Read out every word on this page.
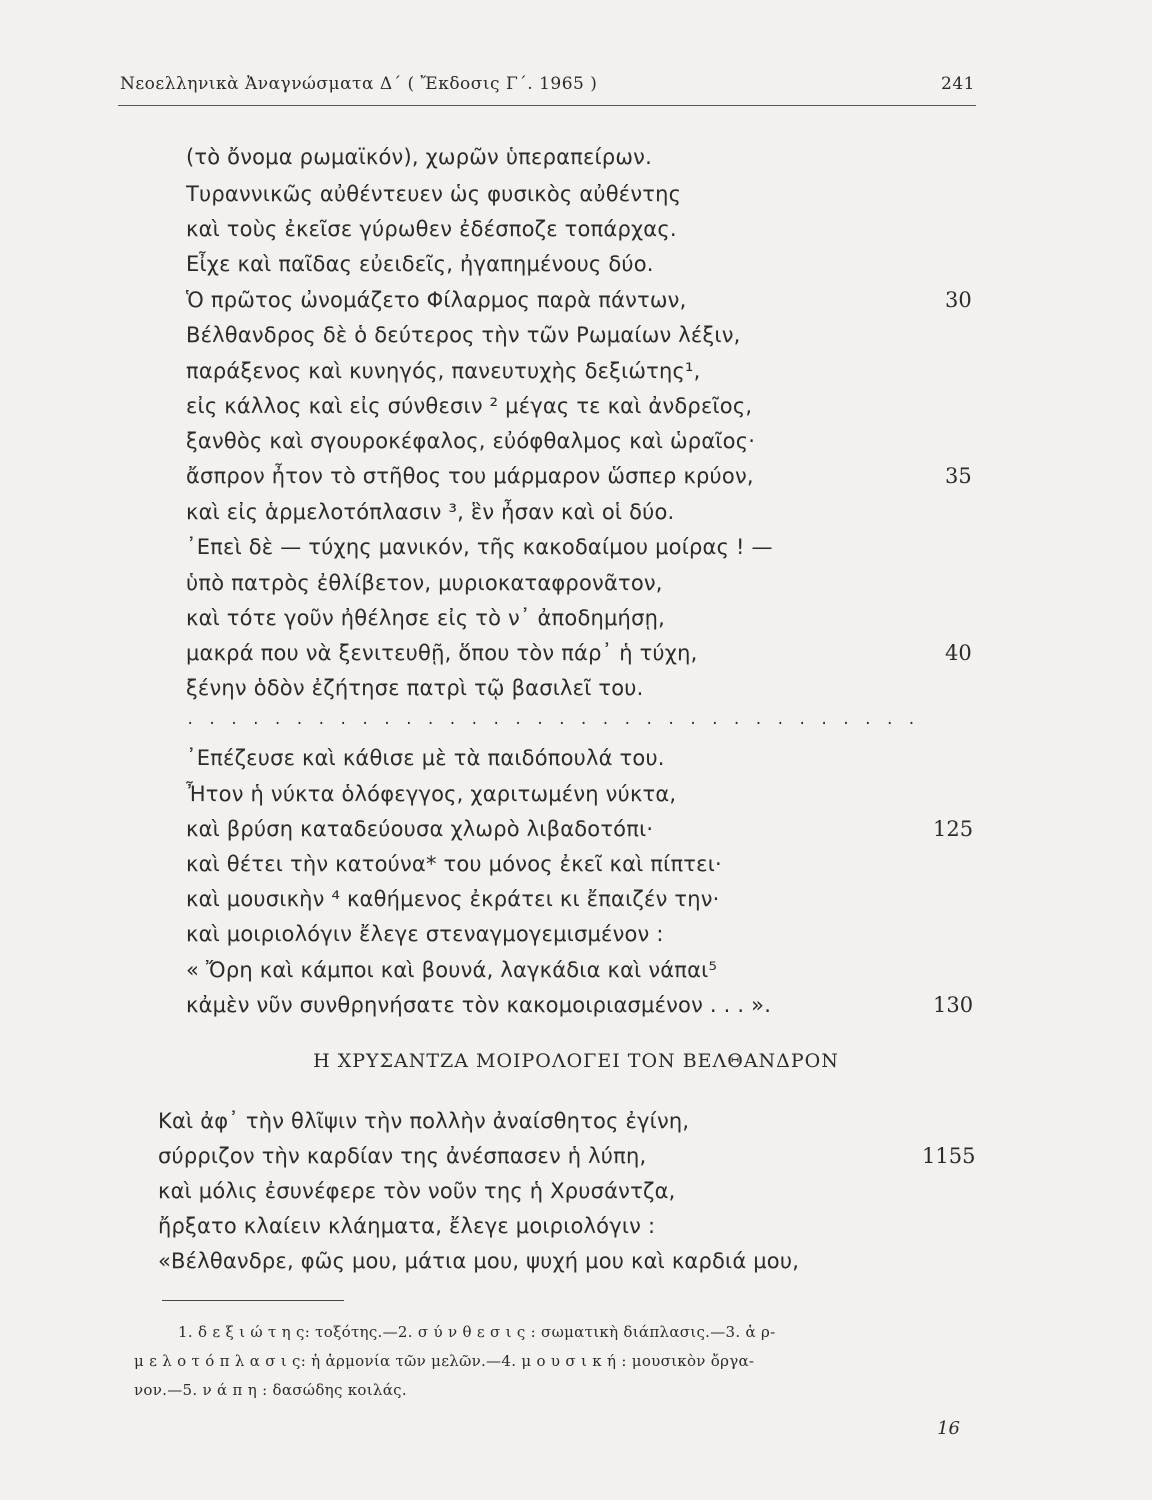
Νεοελληνικὰ Ἀναγνώσματα Δ´ ( Ἔκδοσις Γ´. 1965 )	241
(τὸ ὄνομα ρωμαϊκόν), χωρῶν ὑπεραπείρων.
Τυραννικῶς αὐθέντευεν ὡς φυσικὸς αὐθέντης
καὶ τοὺς ἐκεῖσε γύρωθεν ἐδέσποζε τοπάρχας.
Εἶχε καὶ παῖδας εὐειδεῖς, ἠγαπημένους δύο.
Ὁ πρῶτος ὠνομάζετο Φίλαρμος παρὰ πάντων,	30
Βέλθανδρος δὲ ὁ δεύτερος τὴν τῶν Ρωμαίων λέξιν,
παράξενος καὶ κυνηγός, πανευτυχὴς δεξιώτης¹,
εἰς κάλλος καὶ εἰς σύνθεσιν ² μέγας τε καὶ ἀνδρεῖος,
ξανθὸς καὶ σγουροκέφαλος, εὐόφθαλμος καὶ ὡραῖος·
ἄσπρον ἦτον τὸ στῆθος του μάρμαρον ὥσπερ κρύον,	35
καὶ εἰς ἁρμελοτόπλασιν ³, ἓν ἦσαν καὶ οἱ δύο.
᾿Επεὶ δὲ — τύχης μανικόν, τῆς κακοδαίμου μοίρας ! —
ὑπὸ πατρὸς ἐθλίβετον, μυριοκαταφρονᾶτον,
καὶ τότε γοῦν ἠθέλησε εἰς τὸ ν᾿ ἀποδημήσῃ,
μακρά που νὰ ξενιτευθῇ, ὅπου τὸν πάρ᾿ ἡ τύχη,	40
ξένην ὁδὸν ἐζήτησε πατρὶ τῷ βασιλεῖ του.
. . . . . . . . . . . . . . . . . . . . . . . . . . . . . . . . . .
᾿Επέζευσε καὶ κάθισε μὲ τὰ παιδόπουλά του.
Ἦτον ἡ νύκτα ὁλόφεγγος, χαριτωμένη νύκτα,
καὶ βρύση καταδεύουσα χλωρὸ λιβαδοτόπι·	125
καὶ θέτει τὴν κατούνα* του μόνος ἐκεῖ καὶ πίπτει·
καὶ μουσικὴν ⁴ καθήμενος ἐκράτει κι ἔπαιζέν την·
καὶ μοιριολόγιν ἔλεγε στεναγμογεμισμένον :
« Ὄρη καὶ κάμποι καὶ βουνά, λαγκάδια καὶ νάπαι⁵
κἀμὲν νῦν συνθρηνήσατε τὸν κακομοιριασμένον . . . ».	130
Η ΧΡΥΣΑΝΤΖΑ ΜΟΙΡΟΛΟΓΕΙ ΤΟΝ ΒΕΛΘΑΝΔΡΟΝ
Καὶ ἀφ᾿ τὴν θλῖψιν τὴν πολλὴν ἀναίσθητος ἐγίνη,
σύρριζον τὴν καρδίαν της ἀνέσπασεν ἡ λύπη,	1155
καὶ μόλις ἐσυνέφερε τὸν νοῦν της ἡ Χρυσάντζα,
ἤρξατο κλαίειν κλάηματα, ἔλεγε μοιριολόγιν :
«Βέλθανδρε, φῶς μου, μάτια μου, ψυχή μου καὶ καρδιά μου,
1. δ ε ξ ι ώ τ η ς: τοξότης.—2. σ ύ ν θ ε σ ι ς : σωματικὴ διάπλασις.—3. ἁ ρ-
μ ε λ ο τ ό π λ α σ ι ς: ἡ ἁρμονία τῶν μελῶν.—4. μ ο υ σ ι κ ή : μουσικὸν ὄργα-
νον.—5. ν ά π η : δασώδης κοιλάς.
16
